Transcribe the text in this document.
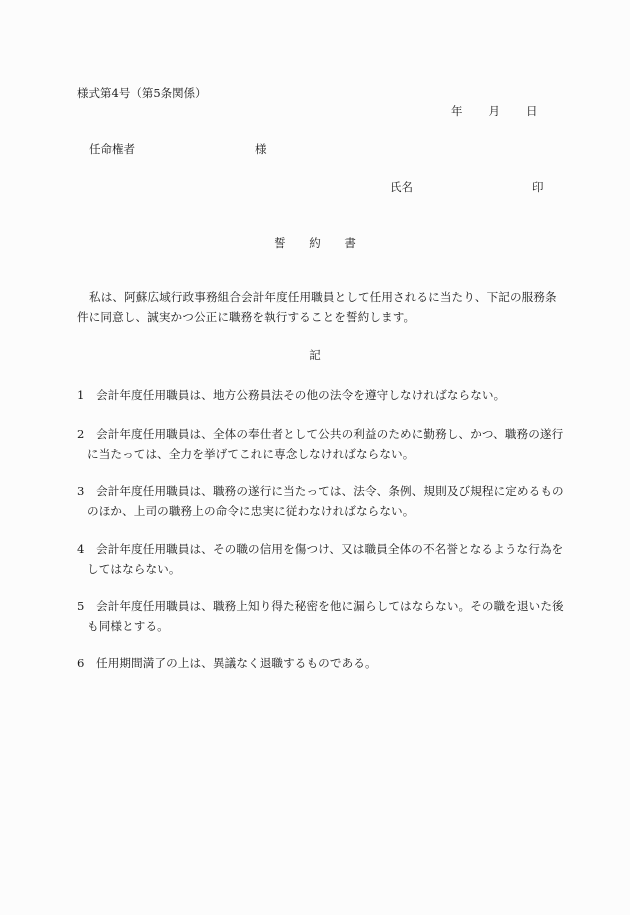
様式第4号（第5条関係）
年 月 日
任命権者	様
氏名	印
誓 約 書
私は、阿蘇広域行政事務組合会計年度任用職員として任用されるに当たり、下記の服務条件に同意し、誠実かつ公正に職務を執行することを誓約します。
記
1 会計年度任用職員は、地方公務員法その他の法令を遵守しなければならない。
2 会計年度任用職員は、全体の奉仕者として公共の利益のために勤務し、かつ、職務の遂行に当たっては、全力を挙げてこれに専念しなければならない。
3 会計年度任用職員は、職務の遂行に当たっては、法令、条例、規則及び規程に定めるもののほか、上司の職務上の命令に忠実に従わなければならない。
4 会計年度任用職員は、その職の信用を傷つけ、又は職員全体の不名誉となるような行為をしてはならない。
5 会計年度任用職員は、職務上知り得た秘密を他に漏らしてはならない。その職を退いた後も同様とする。
6 任用期間満了の上は、異議なく退職するものである。
